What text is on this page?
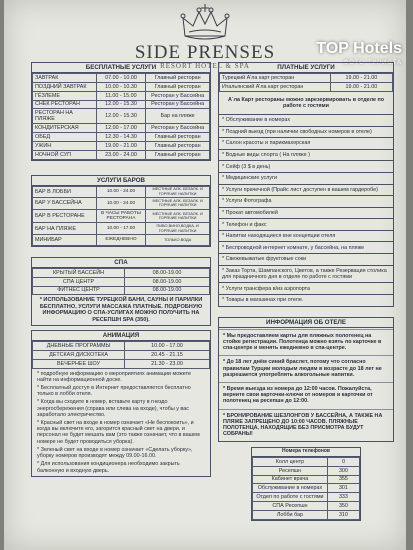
SIDE PRENSES
RESORT HOTEL & SPA
TOP Hotels
ФОТО ТУРИСТА
БЕСПЛАТНЫЕ УСЛУГИ
ЗАВТРАК	07.00 - 10.00	Главный ресторан
ПОЗДНИЙ ЗАВТРАК	10.00 - 10.30	Главный ресторан
ГЁЗЛЕМЕ	11.00 - 15.00	Ресторан у Бассейна
СНЕК РЕСТОРАН	12.00 - 15.30	Ресторан у Бассейна
РЕСТОРАН НА ПЛЯЖЕ	12.00 - 15.30	Бар на пляже
КОНДИТЕРСКАЯ	12.00 - 17.00	Ресторан у Бассейна
ОБЕД	12.30 - 14.30	Главный ресторан
УЖИН	19.00 - 21.00	Главный ресторан
НОЧНОЙ СУП	23.00 - 24.00	Главный ресторан
УСЛУГИ БАРОВ
БАР В ЛОББИ	10.00 - 24.00	МЕСТНЫЕ АЛК. БЕЗАЛК. И ГОРЯЧИЕ НАПИТКИ
БАР У БАССЕЙНА	10.00 - 24.00	МЕСТНЫЕ АЛК. БЕЗАЛК. И ГОРЯЧИЕ НАПИТКИ
БАР В РЕСТОРАНЕ	В ЧАСЫ РАБОТЫ РЕСТОРАНА	МЕСТНЫЕ АЛК. БЕЗАЛК. И ГОРЯЧИЕ НАПИТКИ
БАР НА ПЛЯЖЕ	10.00 - 17.00	ПИВО,ВИНО,ВОДКА, И ГОРЯЧИЕ НАПИТКИ
МИНИБАР	ЕЖЕДНЕВНО	ТОЛЬКО ВОДА
СПА
КРЫТЫЙ БАССЕЙН	08.00-19.00
СПА ЦЕНТР	08.00-19.00
ФИТНЕС ЦЕНТР	08.00-19.00

* ИСПОЛЬЗОВАНИЕ ТУРЕЦКОЙ БАНИ, САУНЫ И ПАРИЛКИ БЕСПЛАТНО, УСЛУГИ МАССАЖА ПЛАТНЫЕ. ПОДРОБНУЮ ИНФОРМАЦИЮ О СПА-УСЛИГАХ МОЖНО ПОЛУЧИТЬ НА РЕСЕПШН SPA (350).

АНИМАЦИЯ
ДНЕВНЫЕ ПРОГРАММЫ	10.00 - 17.00
ДЕТСКАЯ ДИСКОТЕКА	20.45 - 21.15
ВЕЧЕРНЕЕ ШОУ	21.30 - 23.00

* подробную информацию о мероприятиях анимации можете найти на информационной доске.

* Бесплатный доступ в Интернет предоставляется бесплатно только в лобби отеля.

* Когда вы сходите в номер, вставьте карту в гнездо энергосбережения (справа или слева на входе), чтобы у вас заработало электричество.

* Красный свет на входе в номер означает «Не беспокоить», и когда вы включите его, загорится красный свет на двери, и персонал не будет мешать вам (это также означает, что в вашем номере не будет проводиться уборка).

* Зеленый свет на входе в номер означает «Сделать уборку», уборку номеров производят между 09.00-16.00.

* Для использования кондиционера необходимо закрыть балконную и входную дверь.

ПЛАТНЫЕ УСЛУГИ
Турецкий А'ла карт ресторан	19.00 - 21.00
Итальянский А'ла карт ресторан	19.00 - 21.00

А`ла Карт рестораны можно зарезервировать в отделе по работе с гостями

* Обслуживание в номерах

* Поздний выезд (при наличии свободных номеров в отеле)

* Салон красоты и парикмахерская

* Водные виды спорта ( На пляже )

* Сейф (3 $ в день)

* Медицинские услуги

* Услуги прачечной (Прайс лист доступен в вашем гардеробе)

* Услуги Фотографа

* Прокат автомобилей

* Телефон и факс

* Напитки находящиеся вне концепции отеля

* Беспроводной интернет комнате, у бассейна, на пляже

* Свежевыжатые фруктовые соки

* Заказ Торта, Шампанского, Цветов, а также Резервация столика для праздничного дня в отделе по работе с гостями

* Услуги трансфера в/из аэропорта

* Товары в магазинах при отеле.

ИНФОРМАЦИЯ ОБ ОТЕЛЕ

* Мы предоставляем карты для пляжных полотенец на стойке регистрации. Полотенца можно взять по карточке в спа-центре и менять ежедневно в спа-центре.

* До 18 лет днём синий браслет, потому что согласно правилам Турции молодым людям в возрасте до 18 лет не разрешается употреблять алкогольные напитки.

* Время выезда из номера до 12:00 часов. Пожалуйста, верните свои карточки-ключи от номеров и карточки от полотенец на ресепшн до 12:00.

* БРОНИРОВАНИЕ ШЕЗЛОНГОВ У БАССЕЙНА, А ТАКЖЕ НА ПЛЯЖЕ ЗАПРЕЩЕНО ДО 10:00 ЧАСОВ. ПЛЯЖНЫЕ ПОЛОТЕНЦА, НАХОДЯЩИЕ БЕЗ ПРИСМОТРА БУДУТ СОБРАНЫ!

Номера телефонов
Колл центр	0
Ресепшн	300
Кабинет врача	355
Обслуживание в номерах	301
Отдел по работе с гостями	333
СПА Ресепшн	350
Лобби бар	310
